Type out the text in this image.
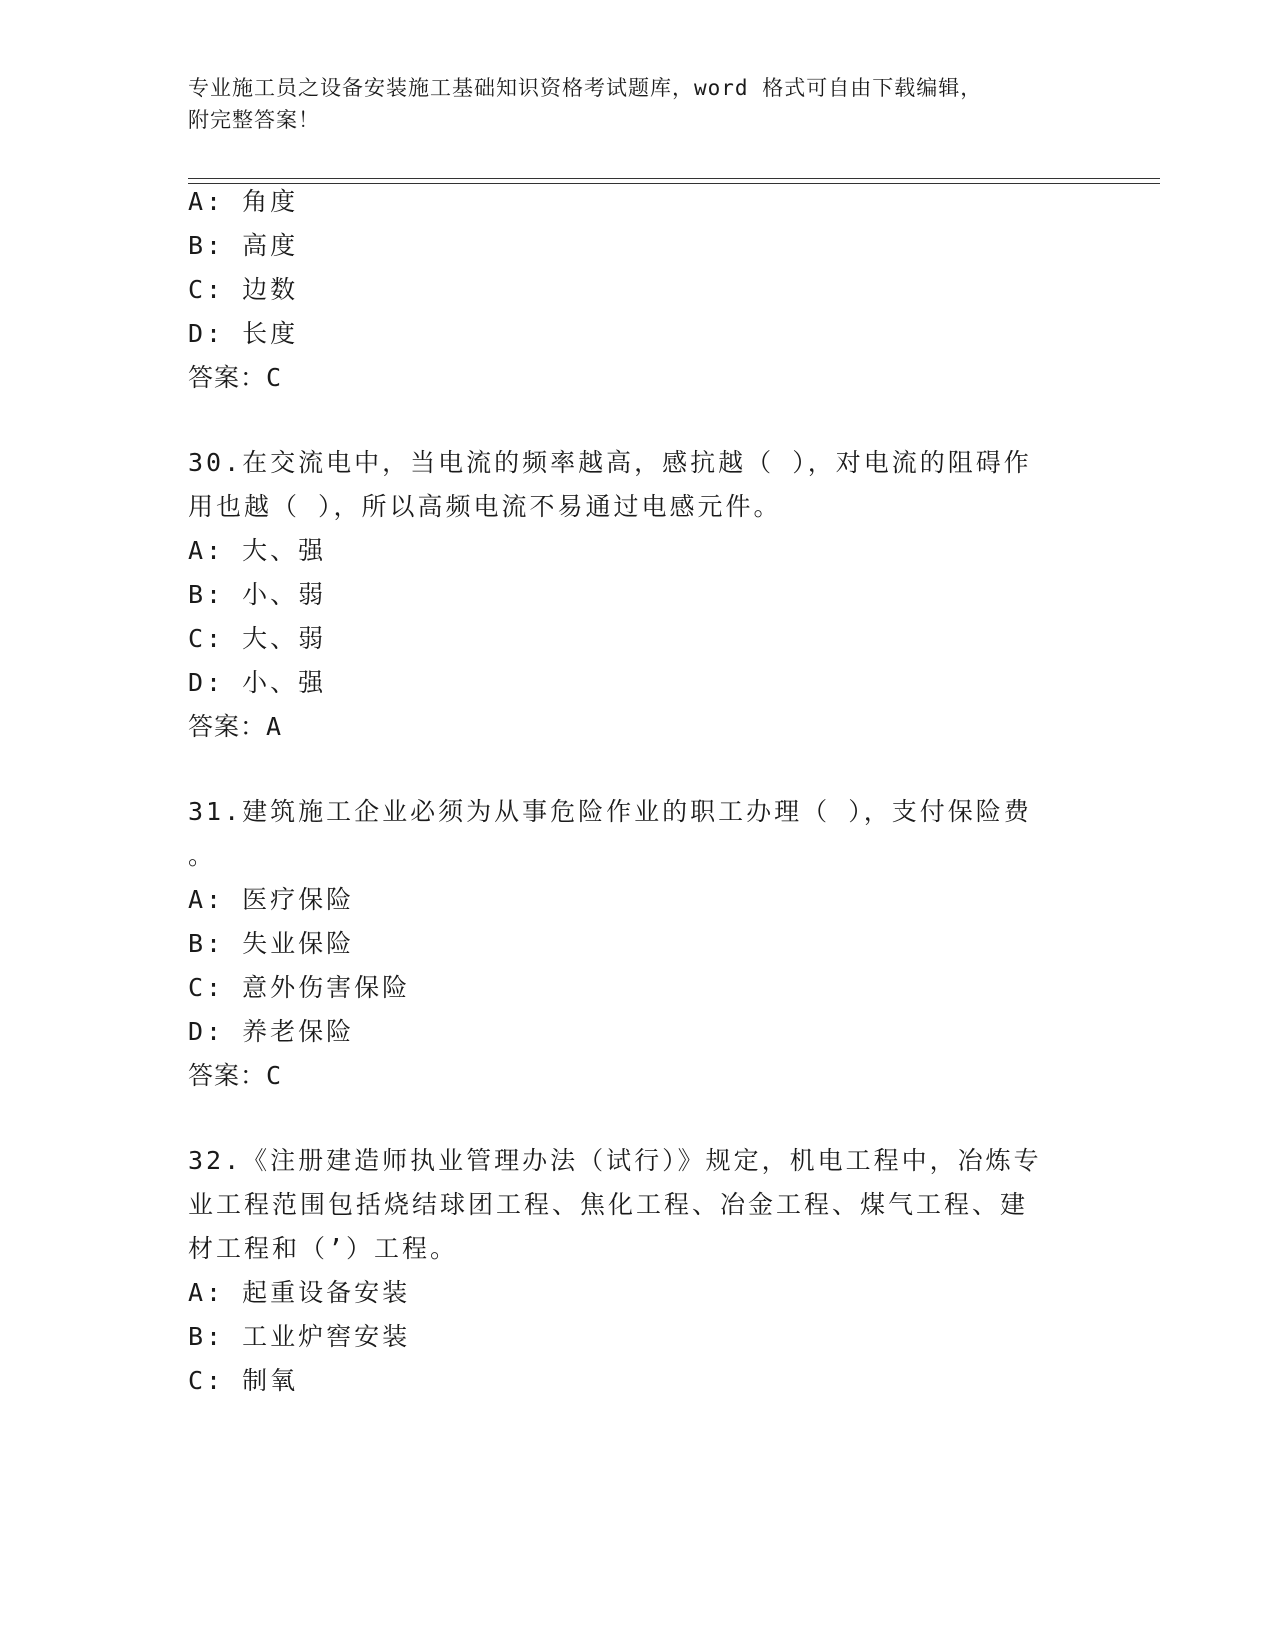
专业施工员之设备安装施工基础知识资格考试题库，word 格式可自由下载编辑，
附完整答案！
A: 角度
B: 高度
C: 边数
D: 长度
答案：C
30.在交流电中，当电流的频率越高，感抗越（ ），对电流的阻碍作
用也越（ ），所以高频电流不易通过电感元件。
A: 大、强
B: 小、弱
C: 大、弱
D: 小、强
答案：A
31.建筑施工企业必须为从事危险作业的职工办理（ ），支付保险费
。
A: 医疗保险
B: 失业保险
C: 意外伤害保险
D: 养老保险
答案：C
32.《注册建造师执业管理办法（试行）》规定，机电工程中，冶炼专
业工程范围包括烧结球团工程、焦化工程、冶金工程、煤气工程、建
材工程和（’）工程。
A: 起重设备安装
B: 工业炉窖安装
C: 制氧
